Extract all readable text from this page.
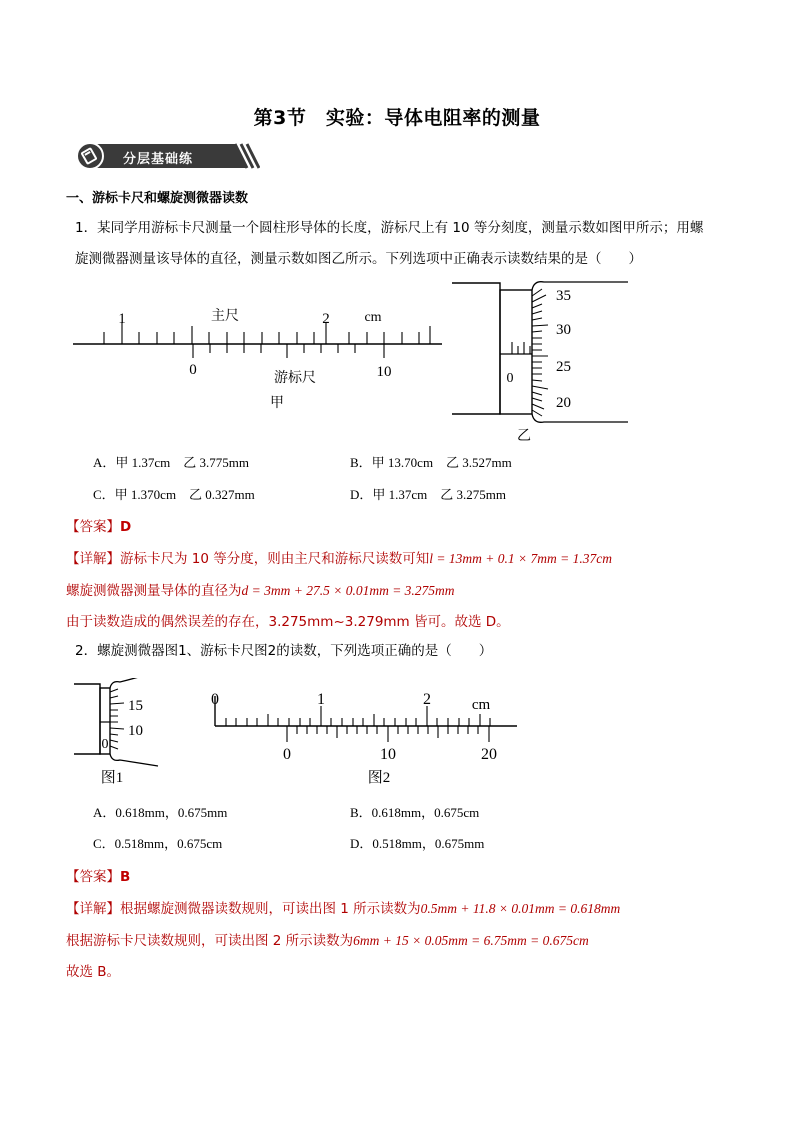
第3节　实验：导体电阻率的测量
分层基础练
一、游标卡尺和螺旋测微器读数
1．某同学用游标卡尺测量一个圆柱形导体的长度，游标尺上有 10 等分刻度，测量示数如图甲所示；用螺
旋测微器测量该导体的直径，测量示数如图乙所示。下列选项中正确表示读数结果的是（　　）
1	2
主尺	cm
0	10
游标尺
甲
0
35
30
25
20
乙
A．甲 1.37cm　乙 3.775mm	B．甲 13.70cm　乙 3.527mm
C．甲 1.370cm　乙 0.327mm	D．甲 1.37cm　乙 3.275mm
【答案】D
【详解】游标卡尺为 10 等分度，则由主尺和游标尺读数可知l = 13mm + 0.1 × 7mm = 1.37cm
螺旋测微器测量导体的直径为d = 3mm + 27.5 × 0.01mm = 3.275mm
由于读数造成的偶然误差的存在，3.275mm~3.279mm 皆可。故选 D。
2．螺旋测微器图1、游标卡尺图2的读数，下列选项正确的是（　　）
15
10
0
图1
0	1	2	cm
0	10	20
图2
A．0.618mm，0.675mm	B．0.618mm，0.675cm
C．0.518mm，0.675cm	D．0.518mm，0.675mm
【答案】B
【详解】根据螺旋测微器读数规则，可读出图 1 所示读数为0.5mm + 11.8 × 0.01mm = 0.618mm
根据游标卡尺读数规则，可读出图 2 所示读数为6mm + 15 × 0.05mm = 6.75mm = 0.675cm
故选 B。
